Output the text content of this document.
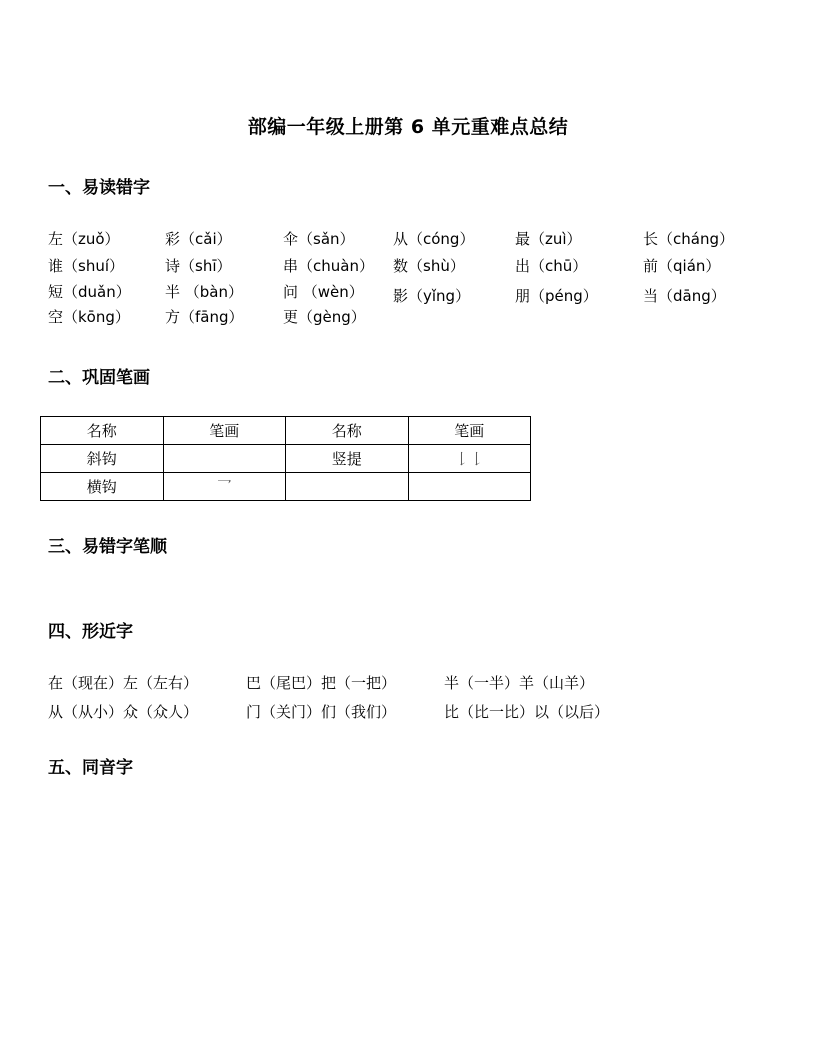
部编一年级上册第 6 单元重难点总结
一、易读错字
左（zuǒ）	彩（cǎi）	伞（sǎn）	从（cóng）	最（zuì）	长（cháng）
谁（shuí）	诗（shī）	串（chuàn） 数（shù）	出（chū）	前（qián）
短（duǎn） 半 （bàn）	问 （wèn） 影（yǐng）	朋（péng）	当（dāng）
空（kōng） 方（fāng）	更（gèng）
二、巩固笔画
名称	笔画	名称	笔画
斜钩		竖提	𠄌𠄌
横钩	乛		
三、易错字笔顺
四、形近字
在（现在）左（左右）	巴（尾巴）把（一把）	半（一半）羊（山羊）
从（从小）众（众人）	门（关门）们（我们）	比（比一比）以（以后）
五、同音字
